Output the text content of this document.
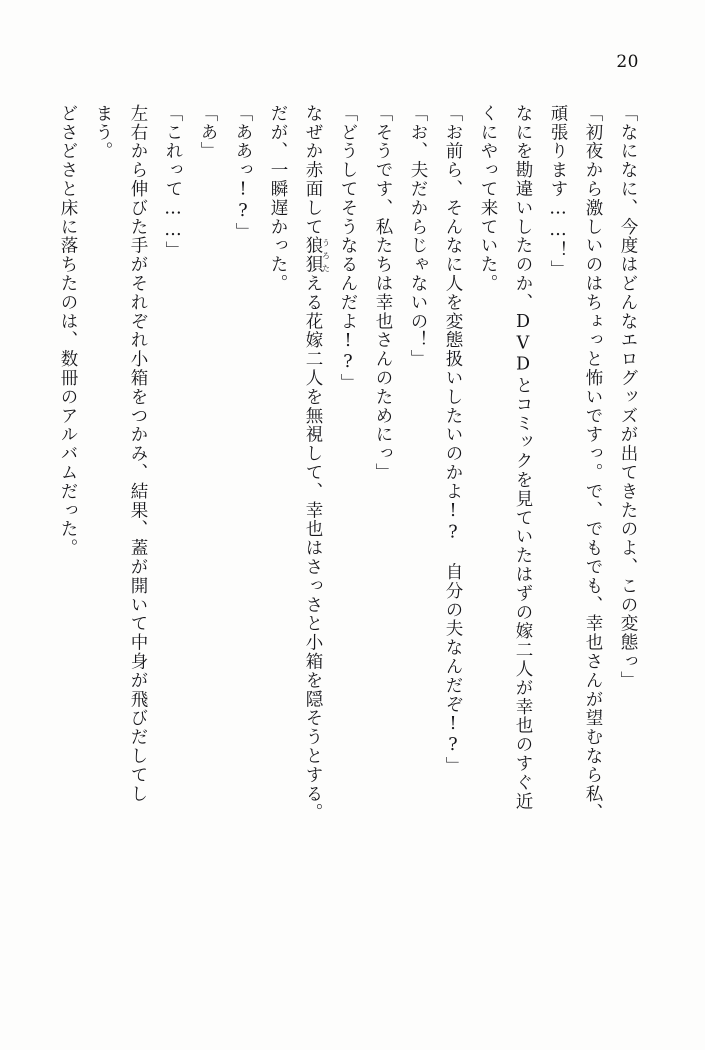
20

「なになに、今度はどんなエログッズが出てきたのよ、この変態っ」

「初夜から激しいのはちょっと怖いですっ。で、でもでも、幸也さんが望むなら私、

頑張ります……！」

なにを勘違いしたのか、DVDとコミックを見ていたはずの嫁二人が幸也のすぐ近

くにやって来ていた。

「お前ら、そんなに人を変態扱いしたいのかよ!?　自分の夫なんだぞ!?」

「お、夫だからじゃないの！」

「そうです、私たちは幸也さんのためにっ」

「どうしてそうなるんだよ!?」

なぜか赤面して狼狽うろたえる花嫁二人を無視して、幸也はさっさと小箱を隠そうとする。

だが、一瞬遅かった。

「ああっ!?」

「あ」

「これって……」

左右から伸びた手がそれぞれ小箱をつかみ、結果、蓋が開いて中身が飛びだしてし

まう。

どさどさと床に落ちたのは、数冊のアルバムだった。
